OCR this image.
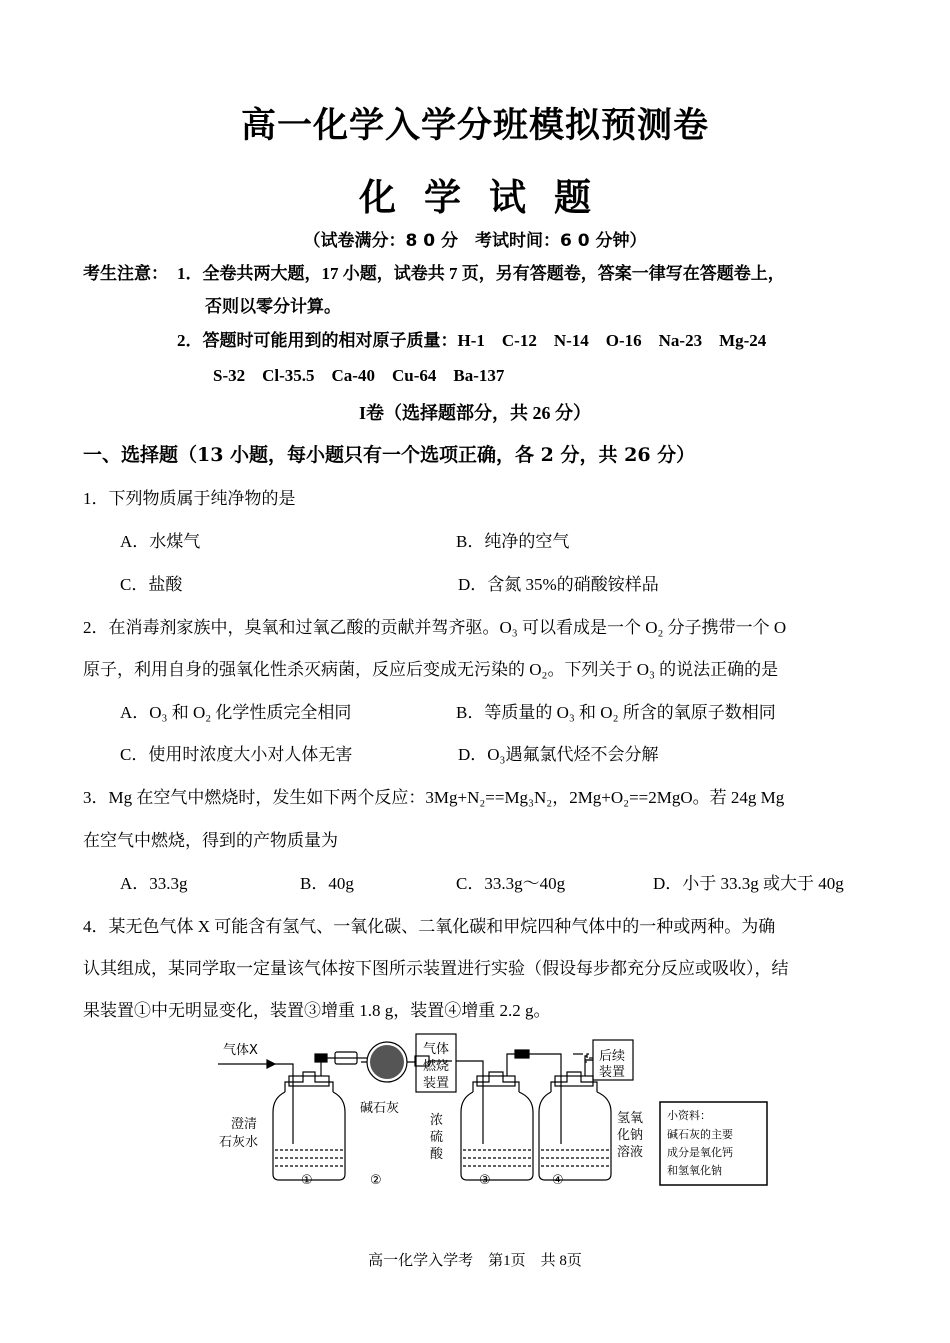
高一化学入学分班模拟预测卷
化学试题
（试卷满分：8 0 分　考试时间：6 0 分钟）
考生注意： 1．全卷共两大题，17 小题，试卷共 7 页，另有答题卷，答案一律写在答题卷上，
否则以零分计算。
2．答题时可能用到的相对原子质量：H-1　C-12　N-14　O-16　Na-23　Mg-24
S-32　Cl-35.5　Ca-40　Cu-64　Ba-137
I卷（选择题部分，共 26 分）
一、选择题（13 小题，每小题只有一个选项正确，各 2 分，共 26 分）
1．下列物质属于纯净物的是
A．水煤气	B．纯净的空气
C．盐酸	D．含氮 35%的硝酸铵样品
2．在消毒剂家族中，臭氧和过氧乙酸的贡献并驾齐驱。O₃ 可以看成是一个 O₂ 分子携带一个 O
原子，利用自身的强氧化性杀灭病菌，反应后变成无污染的 O₂。下列关于 O₃ 的说法正确的是
A．O₃ 和 O₂ 化学性质完全相同	B．等质量的 O₃ 和 O₂ 所含的氧原子数相同
C．使用时浓度大小对人体无害	D．O₃遇氟氯代烃不会分解
3．Mg 在空气中燃烧时，发生如下两个反应：3Mg+N₂==Mg₃N₂，2Mg+O₂==2MgO。若 24g Mg
在空气中燃烧，得到的产物质量为
A．33.3g	B．40g	C．33.3g～40g	D．小于 33.3g 或大于 40g
4．某无色气体 X 可能含有氢气、一氧化碳、二氧化碳和甲烷四种气体中的一种或两种。为确
认其组成，某同学取一定量该气体按下图所示装置进行实验（假设每步都充分反应或吸收），结
果装置①中无明显变化，装置③增重 1.8 g，装置④增重 2.2 g。
气体X
澄清
石灰水
碱石灰
气体
燃烧
装置
浓
硫
酸
后续
装置
氢氧
化钠
溶液
①	②	③	④
小资料：
碱石灰的主要
成分是氧化钙
和氢氧化钠
高一化学入学考　第1页　共 8页
